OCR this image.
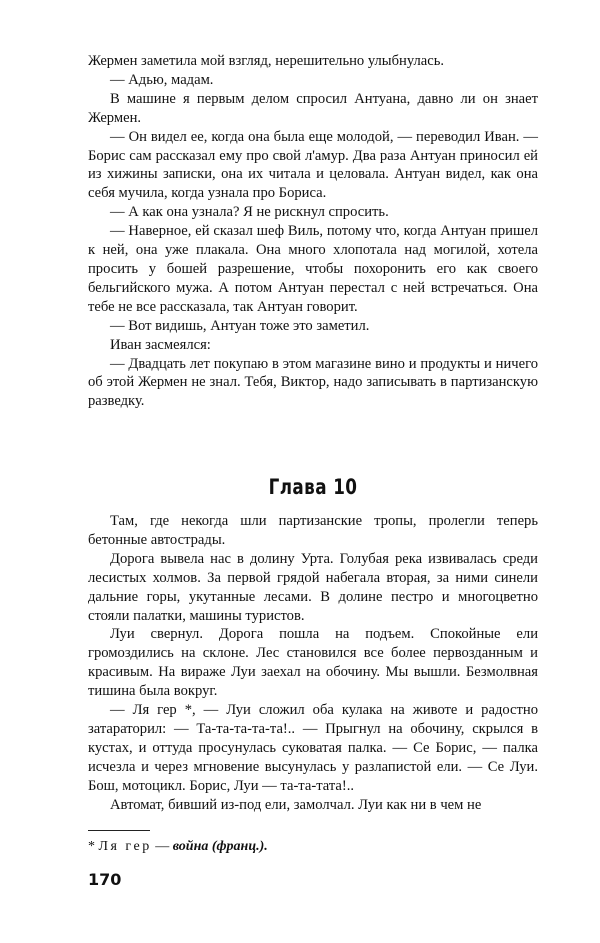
Жермен заметила мой взгляд, нерешительно улыбнулась.

— Адью, мадам.

В машине я первым делом спросил Антуана, давно ли он знает Жермен.

— Он видел ее, когда она была еще молодой, — переводил Иван. — Борис сам рассказал ему про свой л'амур. Два раза Антуан приносил ей из хижины записки, она их читала и целовала. Антуан видел, как она себя мучила, когда узнала про Бориса.

— А как она узнала? Я не рискнул спросить.

— Наверное, ей сказал шеф Виль, потому что, когда Антуан пришел к ней, она уже плакала. Она много хлопотала над могилой, хотела просить у бошей разрешение, чтобы похоронить его как своего бельгийского мужа. А потом Антуан перестал с ней встречаться. Она тебе не все рассказала, так Антуан говорит.

— Вот видишь, Антуан тоже это заметил.

Иван засмеялся:

— Двадцать лет покупаю в этом магазине вино и продукты и ничего об этой Жермен не знал. Тебя, Виктор, надо записывать в партизанскую разведку.

Глава 10

Там, где некогда шли партизанские тропы, пролегли теперь бетонные автострады.

Дорога вывела нас в долину Урта. Голубая река извивалась среди лесистых холмов. За первой грядой набегала вторая, за ними синели дальние горы, укутанные лесами. В долине пестро и многоцветно стояли палатки, машины туристов.

Луи свернул. Дорога пошла на подъем. Спокойные ели громоздились на склоне. Лес становился все более первозданным и красивым. На вираже Луи заехал на обочину. Мы вышли. Безмолвная тишина была вокруг.

— Ля гер *, — Луи сложил оба кулака на животе и радостно затараторил: — Та-та-та-та-та!.. — Прыгнул на обочину, скрылся в кустах, и оттуда просунулась суковатая палка. — Се Борис, — палка исчезла и через мгновение высунулась у разлапистой ели. — Се Луи. Бош, мотоцикл. Борис, Луи — та-та-тата!..

Автомат, бивший из-под ели, замолчал. Луи как ни в чем не

* Ля гер — война (франц.).
170
